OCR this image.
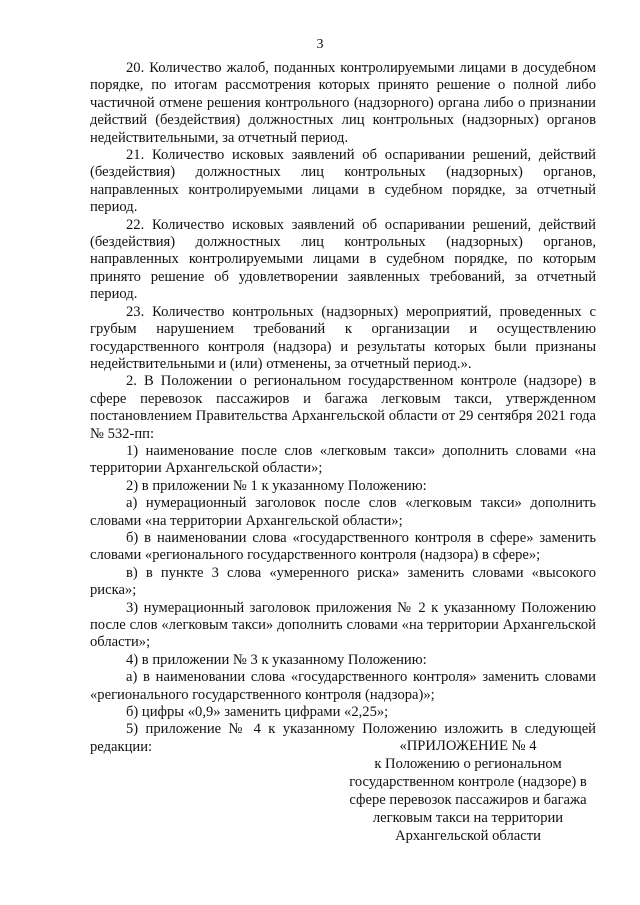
3

20. Количество жалоб, поданных контролируемыми лицами в досудебном порядке, по итогам рассмотрения которых принято решение о полной либо частичной отмене решения контрольного (надзорного) органа либо о признании действий (бездействия) должностных лиц контрольных (надзорных) органов недействительными, за отчетный период.

21. Количество исковых заявлений об оспаривании решений, действий (бездействия) должностных лиц контрольных (надзорных) органов, направленных контролируемыми лицами в судебном порядке, за отчетный период.

22. Количество исковых заявлений об оспаривании решений, действий (бездействия) должностных лиц контрольных (надзорных) органов, направленных контролируемыми лицами в судебном порядке, по которым принято решение об удовлетворении заявленных требований, за отчетный период.

23. Количество контрольных (надзорных) мероприятий, проведенных с грубым нарушением требований к организации и осуществлению государственного контроля (надзора) и результаты которых были признаны недействительными и (или) отменены, за отчетный период.».

2. В Положении о региональном государственном контроле (надзоре) в сфере перевозок пассажиров и багажа легковым такси, утвержденном постановлением Правительства Архангельской области от 29 сентября 2021 года № 532-пп:

1) наименование после слов «легковым такси» дополнить словами «на территории Архангельской области»;

2) в приложении № 1 к указанному Положению:

а) нумерационный заголовок после слов «легковым такси» дополнить словами «на территории Архангельской области»;

б) в наименовании слова «государственного контроля в сфере» заменить словами «регионального государственного контроля (надзора) в сфере»;

в) в пункте 3 слова «умеренного риска» заменить словами «высокого риска»;

3) нумерационный заголовок приложения № 2 к указанному Положению после слов «легковым такси» дополнить словами «на территории Архангельской области»;

4) в приложении № 3 к указанному Положению:

а) в наименовании слова «государственного контроля» заменить словами «регионального государственного контроля (надзора)»;

б) цифры «0,9» заменить цифрами «2,25»;

5) приложение № 4 к указанному Положению изложить в следующей редакции:	«ПРИЛОЖЕНИЕ № 4
к Положению о региональном
государственном контроле (надзоре) в
сфере перевозок пассажиров и багажа
легковым такси на территории
Архангельской области
